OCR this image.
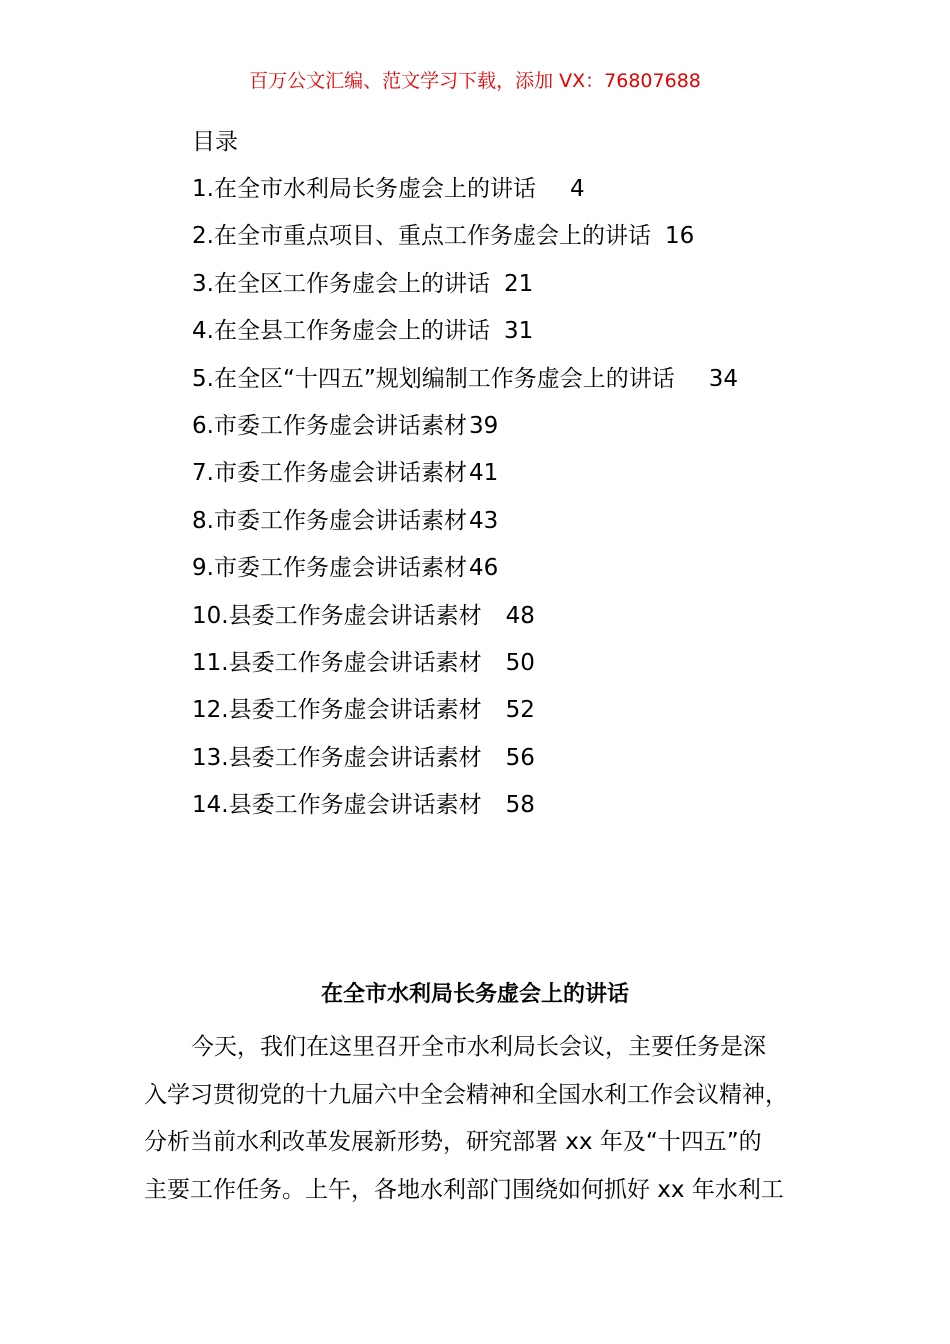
百万公文汇编、范文学习下载，添加 VX：76807688
目录
1.在全市水利局长务虚会上的讲话 4
2.在全市重点项目、重点工作务虚会上的讲话 16
3.在全区工作务虚会上的讲话 21
4.在全县工作务虚会上的讲话 31
5.在全区“十四五”规划编制工作务虚会上的讲话 34
6.市委工作务虚会讲话素材39
7.市委工作务虚会讲话素材41
8.市委工作务虚会讲话素材43
9.市委工作务虚会讲话素材46
10.县委工作务虚会讲话素材 48
11.县委工作务虚会讲话素材 50
12.县委工作务虚会讲话素材 52
13.县委工作务虚会讲话素材 56
14.县委工作务虚会讲话素材 58
在全市水利局长务虚会上的讲话
今天，我们在这里召开全市水利局长会议，主要任务是深
入学习贯彻党的十九届六中全会精神和全国水利工作会议精神，
分析当前水利改革发展新形势，研究部署 xx 年及“十四五”的
主要工作任务。上午，各地水利部门围绕如何抓好 xx 年水利工
